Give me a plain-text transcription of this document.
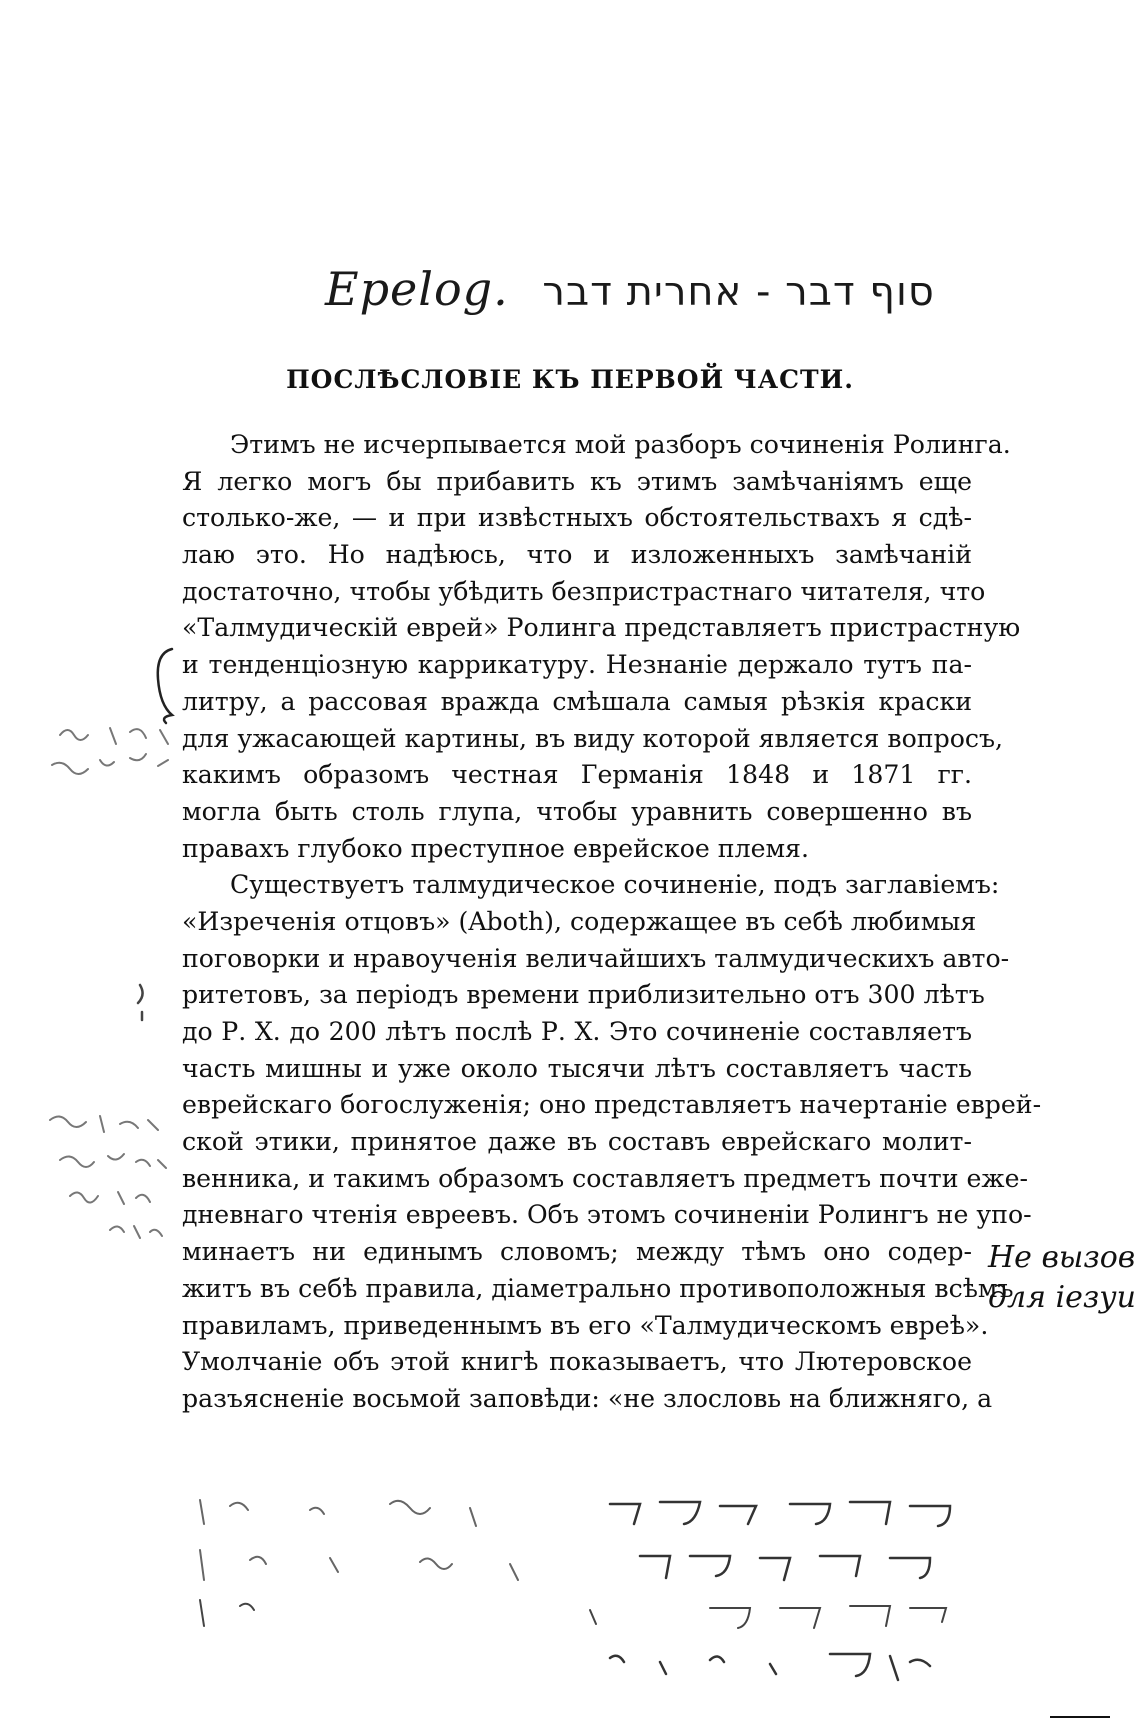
Epelog. סוף דבר - אחרית דבר
ПОСЛѢСЛОВІЕ КЪ ПЕРВОЙ ЧАСТИ.
Этимъ не исчерпывается мой разборъ сочиненія Ролинга.
Я легко могъ бы прибавить къ этимъ замѣчаніямъ еще
столько-же, — и при извѣстныхъ обстоятельствахъ я сдѣ-
лаю это. Но надѣюсь, что и изложенныхъ замѣчаній
достаточно, чтобы убѣдить безпристрастнаго читателя, что
«Талмудическій еврей» Ролинга представляетъ пристрастную
и тенденціозную каррикатуру. Незнаніе держало тутъ па-
литру, а рассовая вражда смѣшала самыя рѣзкія краски
для ужасающей картины, въ виду которой является вопросъ,
какимъ образомъ честная Германія 1848 и 1871 гг.
могла быть столь глупа, чтобы уравнить совершенно въ
правахъ глубоко преступное еврейское племя.
Существуетъ талмудическое сочиненіе, подъ заглавіемъ:
«Изреченія отцовъ» (Aboth), содержащее въ себѣ любимыя
поговорки и нравоученія величайшихъ талмудическихъ авто-
ритетовъ, за періодъ времени приблизительно отъ 300 лѣтъ
до Р. Х. до 200 лѣтъ послѣ Р. Х. Это сочиненіе составляетъ
часть мишны и уже около тысячи лѣтъ составляетъ часть
еврейскаго богослуженія; оно представляетъ начертаніе еврей-
ской этики, принятое даже въ составъ еврейскаго молит-
венника, и такимъ образомъ составляетъ предметъ почти еже-
дневнаго чтенія евреевъ. Объ этомъ сочиненіи Ролингъ не упо-
минаетъ ни единымъ словомъ; между тѣмъ оно содер-
житъ въ себѣ правила, діаметрально противоположныя всѣмъ
правиламъ, приведеннымъ въ его «Талмудическомъ евреѣ».
Умолчаніе объ этой книгѣ показываетъ, что Лютеровское
разъясненіе восьмой заповѣди: «не злословь на ближняго, а
Не вызов
для іезуи
